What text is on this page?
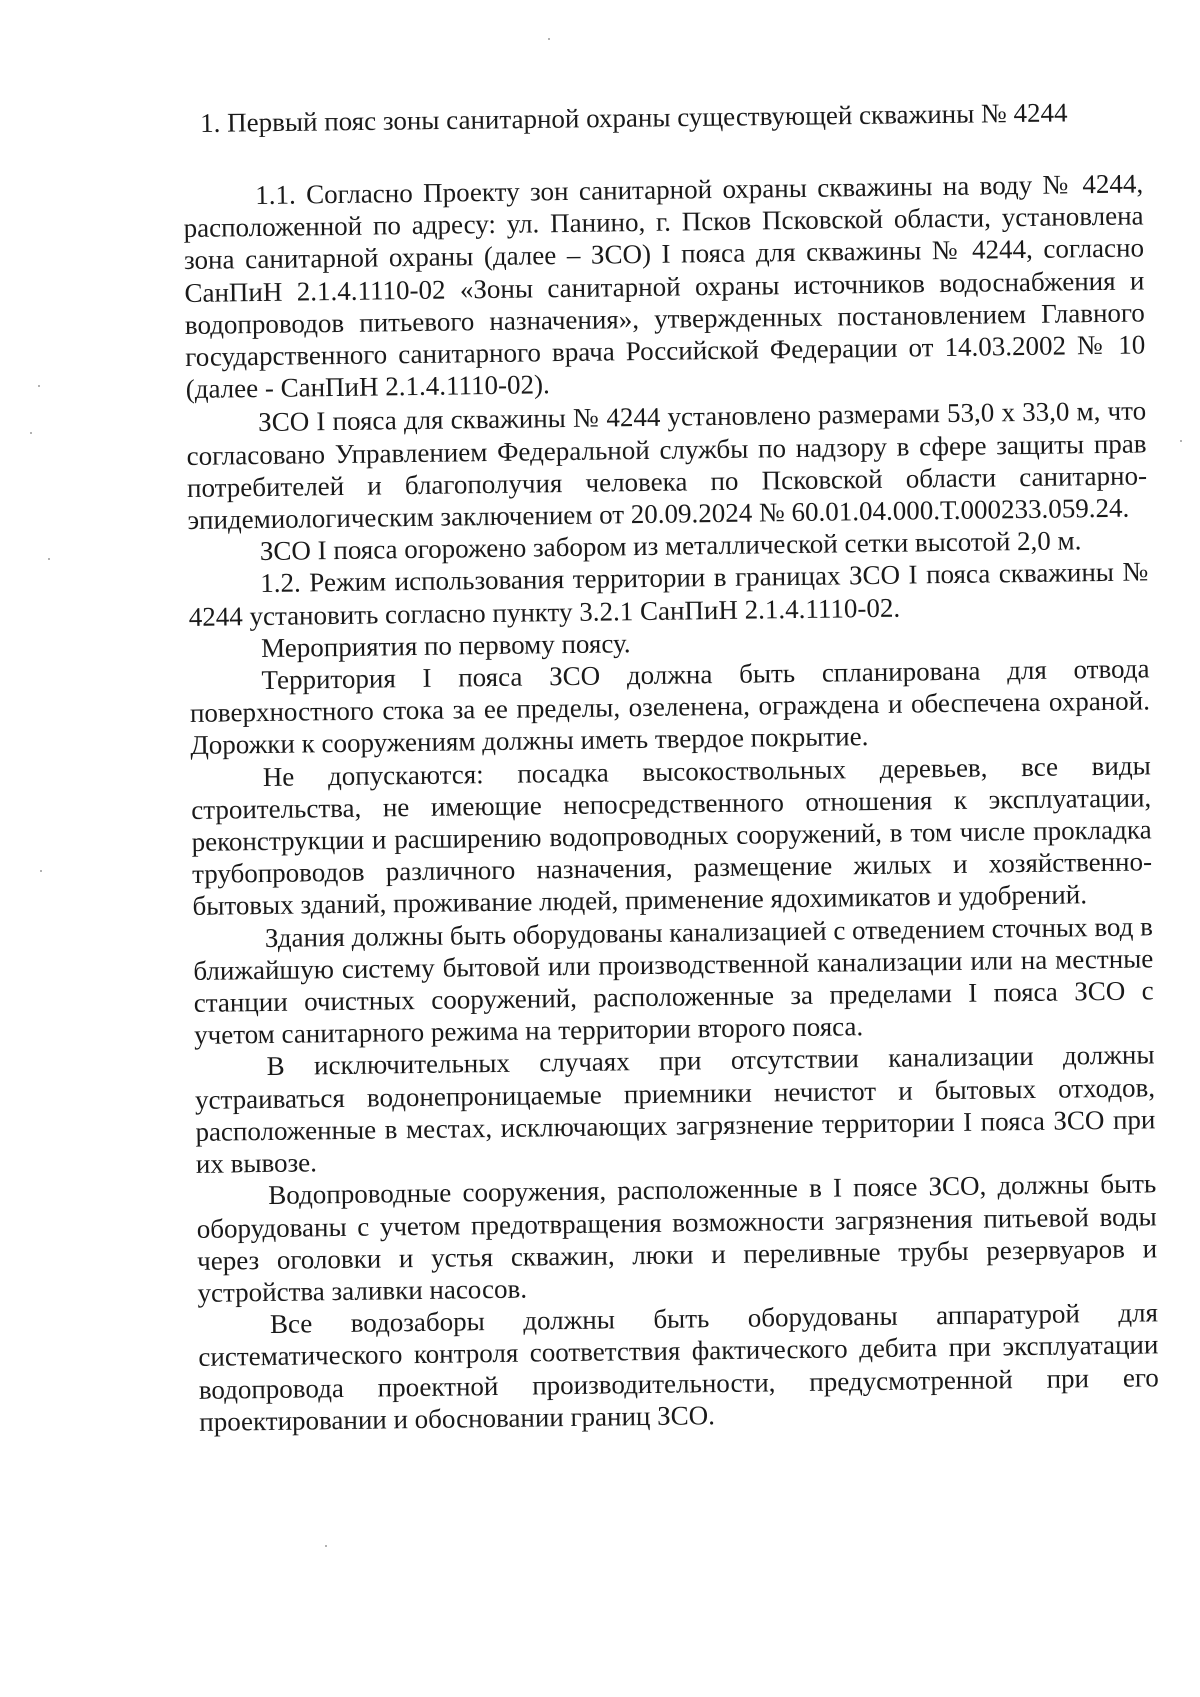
1. Первый пояс зоны санитарной охраны существующей скважины № 4244

1.1. Согласно Проекту зон санитарной охраны скважины на воду № 4244, расположенной по адресу: ул. Панино, г. Псков Псковской области, установлена зона санитарной охраны (далее – ЗСО) I пояса для скважины № 4244, согласно СанПиН 2.1.4.1110-02 «Зоны санитарной охраны источников водоснабжения и водопроводов питьевого назначения», утвержденных постановлением Главного государственного санитарного врача Российской Федерации от 14.03.2002 № 10 (далее - СанПиН 2.1.4.1110-02).

ЗСО I пояса для скважины № 4244 установлено размерами 53,0 х 33,0 м, что согласовано Управлением Федеральной службы по надзору в сфере защиты прав потребителей и благополучия человека по Псковской области санитарно-эпидемиологическим заключением от 20.09.2024 № 60.01.04.000.Т.000233.059.24.

ЗСО I пояса огорожено забором из металлической сетки высотой 2,0 м.

1.2. Режим использования территории в границах ЗСО I пояса скважины № 4244 установить согласно пункту 3.2.1 СанПиН 2.1.4.1110-02.

Мероприятия по первому поясу.

Территория I пояса ЗСО должна быть спланирована для отвода поверхностного стока за ее пределы, озеленена, ограждена и обеспечена охраной. Дорожки к сооружениям должны иметь твердое покрытие.

Не допускаются: посадка высокоствольных деревьев, все виды строительства, не имеющие непосредственного отношения к эксплуатации, реконструкции и расширению водопроводных сооружений, в том числе прокладка трубопроводов различного назначения, размещение жилых и хозяйственно-бытовых зданий, проживание людей, применение ядохимикатов и удобрений.

Здания должны быть оборудованы канализацией с отведением сточных вод в ближайшую систему бытовой или производственной канализации или на местные станции очистных сооружений, расположенные за пределами I пояса ЗСО с учетом санитарного режима на территории второго пояса.

В исключительных случаях при отсутствии канализации должны устраиваться водонепроницаемые приемники нечистот и бытовых отходов, расположенные в местах, исключающих загрязнение территории I пояса ЗСО при их вывозе.

Водопроводные сооружения, расположенные в I поясе ЗСО, должны быть оборудованы с учетом предотвращения возможности загрязнения питьевой воды через оголовки и устья скважин, люки и переливные трубы резервуаров и устройства заливки насосов.

Все водозаборы должны быть оборудованы аппаратурой для систематического контроля соответствия фактического дебита при эксплуатации водопровода проектной производительности, предусмотренной при его проектировании и обосновании границ ЗСО.
